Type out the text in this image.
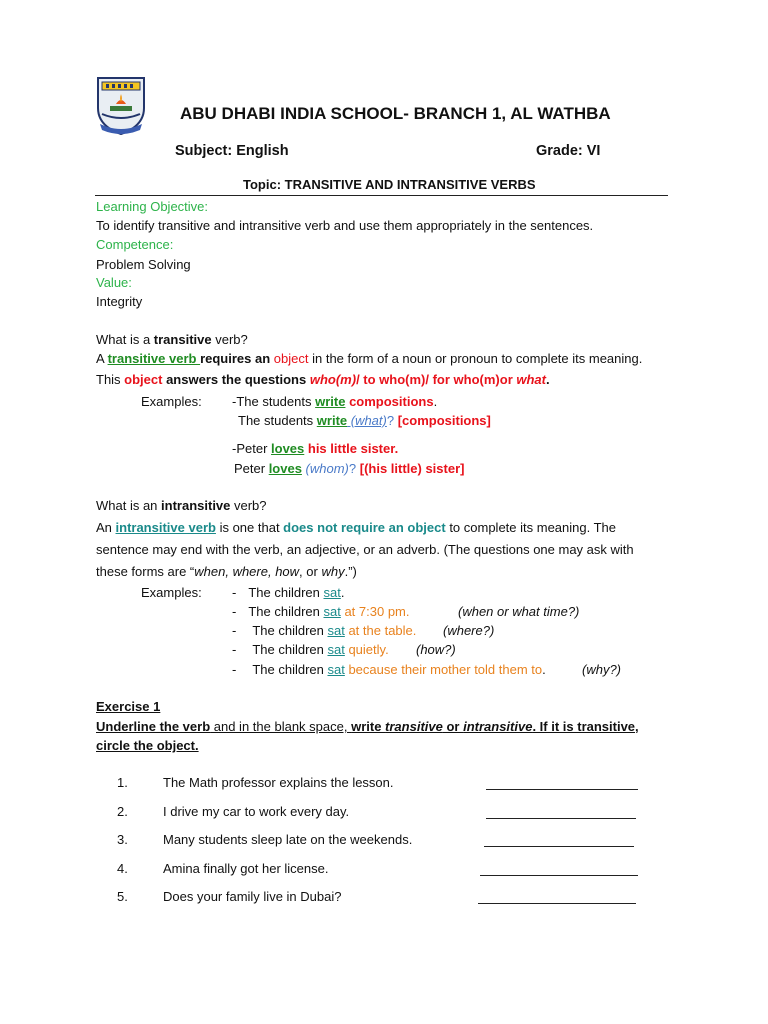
ABU DHABI INDIA SCHOOL- BRANCH 1, AL WATHBA
Subject: English	Grade: VI
Topic: TRANSITIVE AND INTRANSITIVE VERBS
Learning Objective:
To identify transitive and intransitive verb and use them appropriately in the sentences.
Competence:
Problem Solving
Value:
Integrity
What is a transitive verb?
A transitive verb requires an object in the form of a noun or pronoun to complete its meaning.
This object answers the questions who(m)/ to who(m)/ for who(m)or what.
Examples: -The students write compositions.
The students write (what)? [compositions]
-Peter loves his little sister.
Peter loves (whom)? [(his little) sister]
What is an intransitive verb?
An intransitive verb is one that does not require an object to complete its meaning. The
sentence may end with the verb, an adjective, or an adverb. (The questions one may ask with
these forms are “when, where, how, or why.”)
Examples: - The children sat.
- The children sat at 7:30 pm.	(when or what time?)
- The children sat at the table. (where?)
- The children sat quietly. (how?)
- The children sat because their mother told them to.	(why?)
Exercise 1
Underline the verb and in the blank space, write transitive or intransitive. If it is transitive,
circle the object.
1.	The Math professor explains the lesson.
2.	I drive my car to work every day.
3.	Many students sleep late on the weekends.
4.	Amina finally got her license.
5.	Does your family live in Dubai?
